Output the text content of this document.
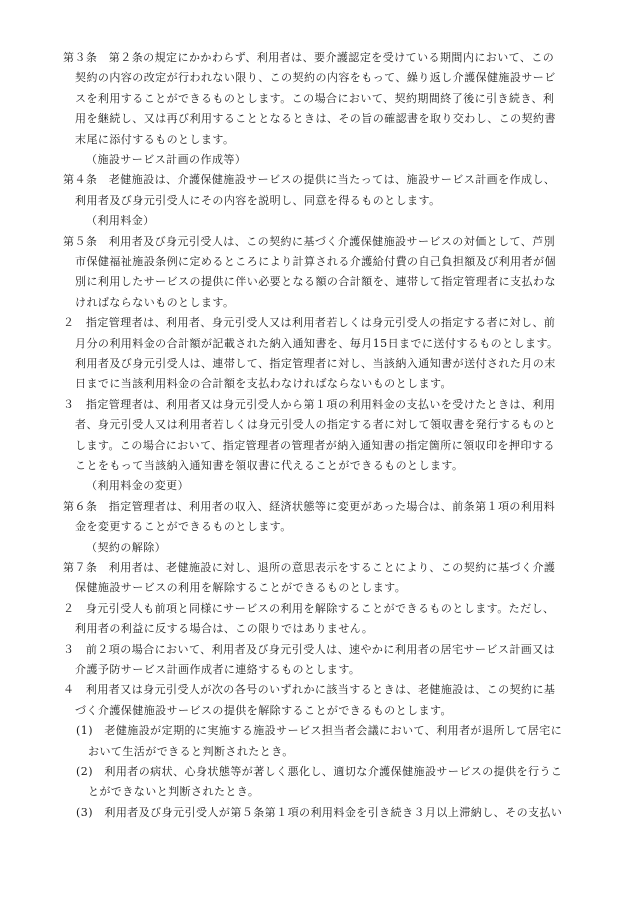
第３条　第２条の規定にかかわらず、利用者は、要介護認定を受けている期間内において、この
契約の内容の改定が行われない限り、この契約の内容をもって、繰り返し介護保健施設サービ
スを利用することができるものとします。この場合において、契約期間終了後に引き続き、利
用を継続し、又は再び利用することとなるときは、その旨の確認書を取り交わし、この契約書
末尾に添付するものとします。
（施設サービス計画の作成等）
第４条　老健施設は、介護保健施設サービスの提供に当たっては、施設サービス計画を作成し、
利用者及び身元引受人にその内容を説明し、同意を得るものとします。
（利用料金）
第５条　利用者及び身元引受人は、この契約に基づく介護保健施設サービスの対価として、芦別
市保健福祉施設条例に定めるところにより計算される介護給付費の自己負担額及び利用者が個
別に利用したサービスの提供に伴い必要となる額の合計額を、連帯して指定管理者に支払わな
ければならないものとします。
２　指定管理者は、利用者、身元引受人又は利用者若しくは身元引受人の指定する者に対し、前
月分の利用料金の合計額が記載された納入通知書を、毎月15日までに送付するものとします。
利用者及び身元引受人は、連帯して、指定管理者に対し、当該納入通知書が送付された月の末
日までに当該利用料金の合計額を支払わなければならないものとします。
３　指定管理者は、利用者又は身元引受人から第１項の利用料金の支払いを受けたときは、利用
者、身元引受人又は利用者若しくは身元引受人の指定する者に対して領収書を発行するものと
します。この場合において、指定管理者の管理者が納入通知書の指定箇所に領収印を押印する
ことをもって当該納入通知書を領収書に代えることができるものとします。
（利用料金の変更）
第６条　指定管理者は、利用者の収入、経済状態等に変更があった場合は、前条第１項の利用料
金を変更することができるものとします。
（契約の解除）
第７条　利用者は、老健施設に対し、退所の意思表示をすることにより、この契約に基づく介護
保健施設サービスの利用を解除することができるものとします。
２　身元引受人も前項と同様にサービスの利用を解除することができるものとします。ただし、
利用者の利益に反する場合は、この限りではありません。
３　前２項の場合において、利用者及び身元引受人は、速やかに利用者の居宅サービス計画又は
介護予防サービス計画作成者に連絡するものとします。
４　利用者又は身元引受人が次の各号のいずれかに該当するときは、老健施設は、この契約に基
づく介護保健施設サービスの提供を解除することができるものとします。
(1)　老健施設が定期的に実施する施設サービス担当者会議において、利用者が退所して居宅に
おいて生活ができると判断されたとき。
(2)　利用者の病状、心身状態等が著しく悪化し、適切な介護保健施設サービスの提供を行うこ
とができないと判断されたとき。
(3)　利用者及び身元引受人が第５条第１項の利用料金を引き続き３月以上滞納し、その支払い
